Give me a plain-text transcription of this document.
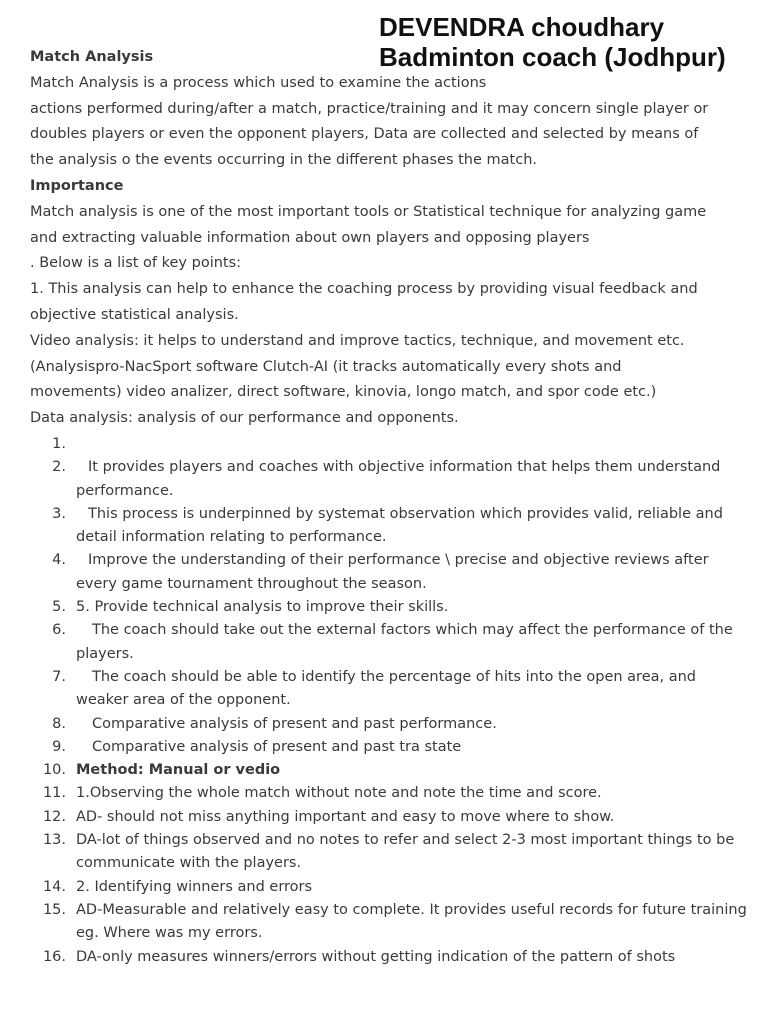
DEVENDRA choudhary
Badminton coach (Jodhpur)
Match Analysis
Match Analysis is a process which used to examine the actions
actions performed during/after a match, practice/training and it may concern single player or
doubles players or even the opponent players, Data are collected and selected by means of
the analysis o the events occurring in the different phases the match.
Importance
Match analysis is one of the most important tools or Statistical technique for analyzing game
and extracting valuable information about own players and opposing players
. Below is a list of key points:
1. This analysis can help to enhance the coaching process by providing visual feedback and
objective statistical analysis.
Video analysis: it helps to understand and improve tactics, technique, and movement etc.
(Analysispro-NacSport software Clutch-AI (it tracks automatically every shots and
movements) video analizer, direct software, kinovia, longo match, and spor code etc.)
Data analysis: analysis of our performance and opponents.
1.

2.	It provides players and coaches with objective information that helps them understand performance.
3.	This process is underpinned by systemat observation which provides valid, reliable and detail information relating to performance.
4.	Improve the understanding of their performance \ precise and objective reviews after every game tournament throughout the season.
5. 5. Provide technical analysis to improve their skills.
6.	The coach should take out the external factors which may affect the performance of the players.
7.	The coach should be able to identify the percentage of hits into the open area, and weaker area of the opponent.
8.	Comparative analysis of present and past performance.
9.	Comparative analysis of present and past tra state
10. Method: Manual or vedio
11. 1.Observing the whole match without note and note the time and score.
12. AD- should not miss anything important and easy to move where to show.
13. DA-lot of things observed and no notes to refer and select 2-3 most important things to be communicate with the players.
14. 2. Identifying winners and errors
15. AD-Measurable and relatively easy to complete. It provides useful records for future training eg. Where was my errors.
16. DA-only measures winners/errors without getting indication of the pattern of shots
